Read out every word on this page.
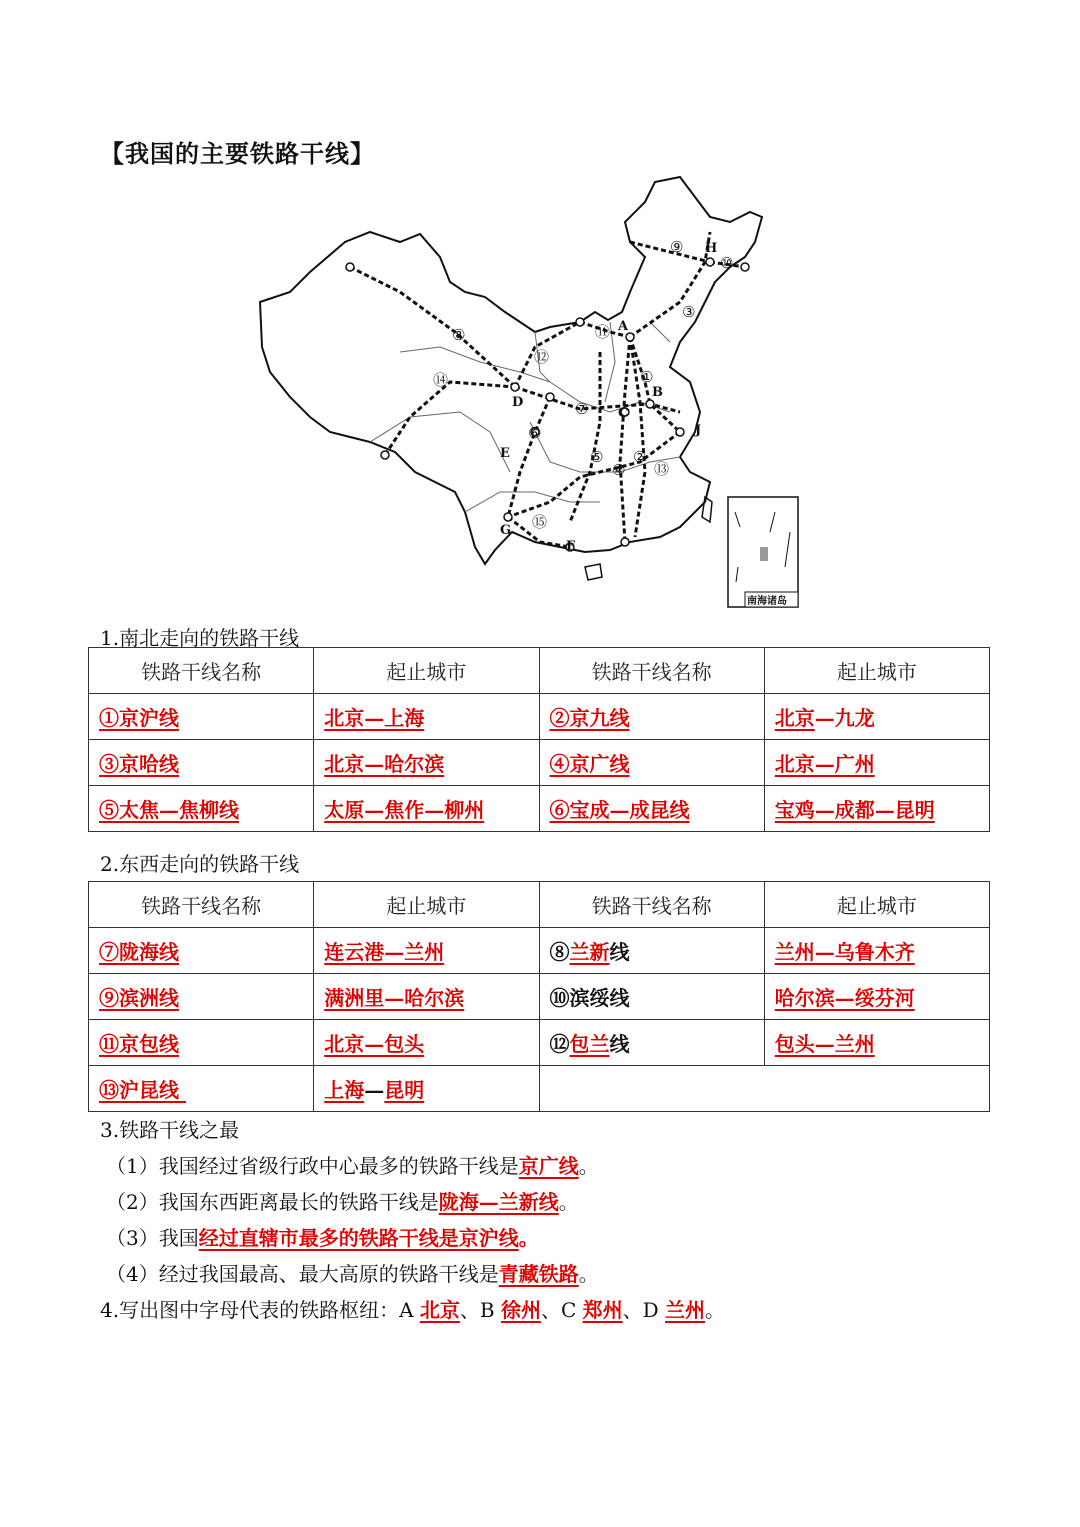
【我国的主要铁路干线】
A
B
C
D
E
F
G
H
J
①
②
③
④
⑤
⑥
⑦
⑧
⑨
⑩
⑪
⑫
⑬
⑭
⑮
南海诸岛
1.南北走向的铁路干线
铁路干线名称	起止城市	铁路干线名称	起止城市
①京沪线	北京—上海	②京九线	北京—九龙
③京哈线	北京—哈尔滨	④京广线	北京—广州
⑤太焦—焦柳线	太原—焦作—柳州	⑥宝成—成昆线	宝鸡—成都—昆明
2.东西走向的铁路干线
铁路干线名称	起止城市	铁路干线名称	起止城市
⑦陇海线	连云港—兰州	⑧兰新线	兰州—乌鲁木齐
⑨滨洲线	满洲里—哈尔滨	⑩滨绥线	哈尔滨—绥芬河
⑪京包线	北京—包头	⑫包兰线	包头—兰州
⑬沪昆线	上海—昆明		
3.铁路干线之最
（1）我国经过省级行政中心最多的铁路干线是京广线。
（2）我国东西距离最长的铁路干线是陇海—兰新线。
（3）我国经过直辖市最多的铁路干线是京沪线。
（4）经过我国最高、最大高原的铁路干线是青藏铁路。
4.写出图中字母代表的铁路枢纽：A 北京、B 徐州、C 郑州、D 兰州。
